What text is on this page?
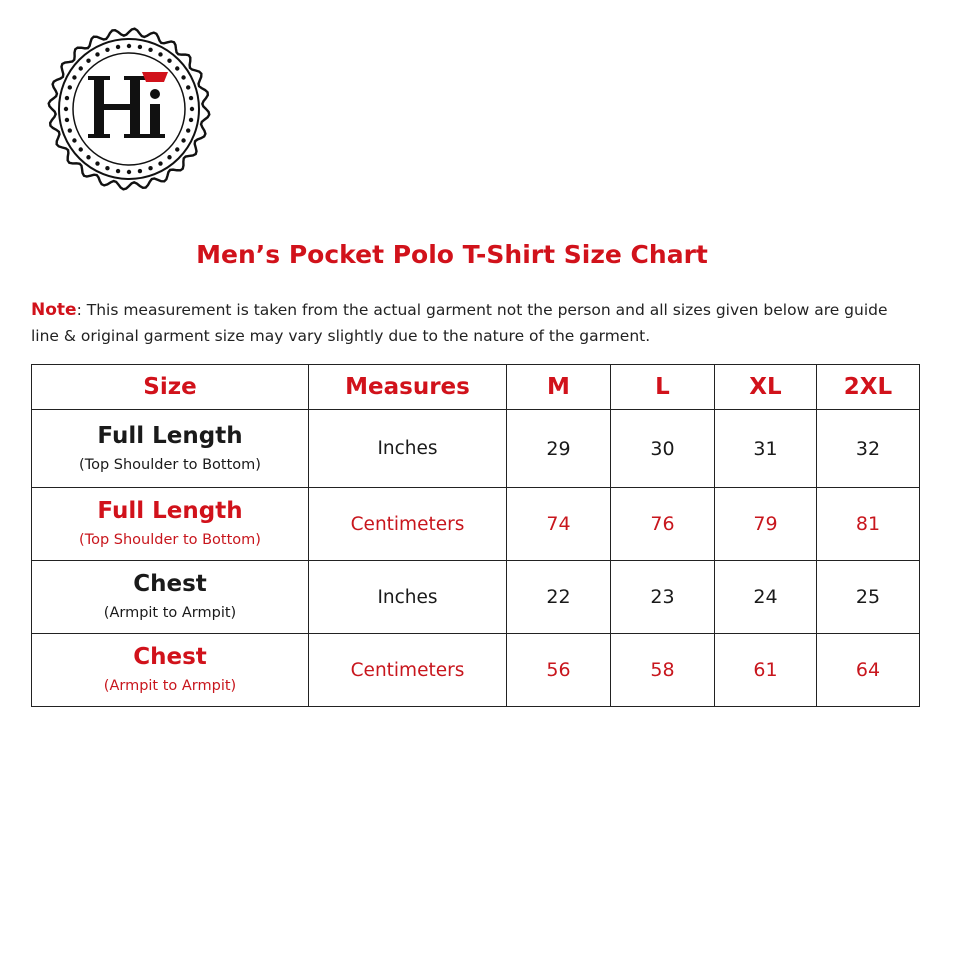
Men’s Pocket Polo T-Shirt Size Chart
Note: This measurement is taken from the actual garment not the person and all sizes given below are guide line & original garment size may vary slightly due to the nature of the garment.
Size	Measures	M	L	XL	2XL

Full Length
(Top Shoulder to Bottom)	Inches	29	30	31	32

Full Length
(Top Shoulder to Bottom)	Centimeters	74	76	79	81

Chest
(Armpit to Armpit)	Inches	22	23	24	25

Chest
(Armpit to Armpit)	Centimeters	56	58	61	64
